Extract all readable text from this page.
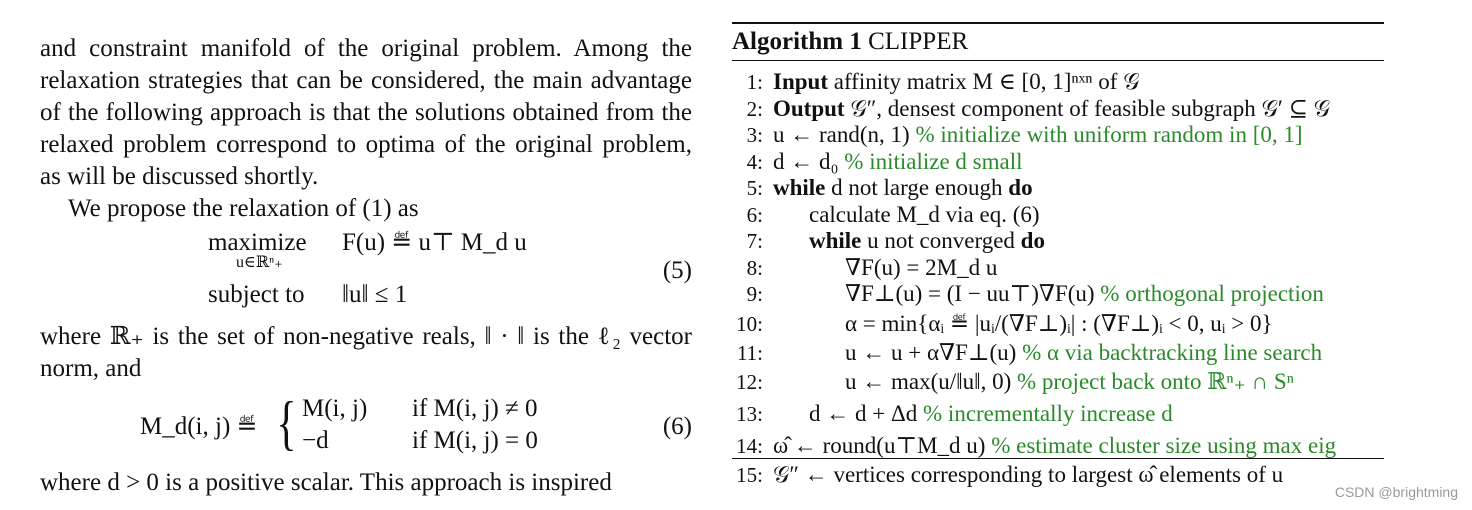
and constraint manifold of the original problem. Among the relaxation strategies that can be considered, the main advantage of the following approach is that the solutions obtained from the relaxed problem correspond to optima of the original problem, as will be discussed shortly.

We propose the relaxation of (1) as

maximize
u∈ℝⁿ₊
F(u) ≝ u⊤ M_d u
subject to ‖u‖ ≤ 1
(5)

where ℝ₊ is the set of non-negative reals, ‖ · ‖ is the ℓ₂ vector norm, and

M_d(i, j) ≝ { M(i, j) if M(i, j) ≠ 0
−d	if M(i, j) = 0
(6)

where d > 0 is a positive scalar. This approach is inspired

Algorithm 1 CLIPPER
1: Input affinity matrix M ∈ [0, 1]ⁿˣⁿ of 𝒢
2: Output 𝒢″, densest component of feasible subgraph 𝒢′ ⊆ 𝒢
3: u ← rand(n, 1) % initialize with uniform random in [0, 1]
4: d ← d₀ % initialize d small
5: while d not large enough do
6: calculate M_d via eq. (6)
7: while u not converged do
8:	∇F(u) = 2M_d u
9:	∇F⊥(u) = (I − uu⊤)∇F(u) % orthogonal projection
10:	α = min{αᵢ ≝ |uᵢ/(∇F⊥)ᵢ| : (∇F⊥)ᵢ < 0, uᵢ > 0}
11:	u ← u + α∇F⊥(u) % α via backtracking line search
12:	u ← max(u/‖u‖, 0) % project back onto ℝⁿ₊ ∩ Sⁿ
13: d ← d + Δd % incrementally increase d
14: ω̂ ← round(u⊤M_d u) % estimate cluster size using max eig
15: 𝒢″ ← vertices corresponding to largest ω̂ elements of u
CSDN @brightming
